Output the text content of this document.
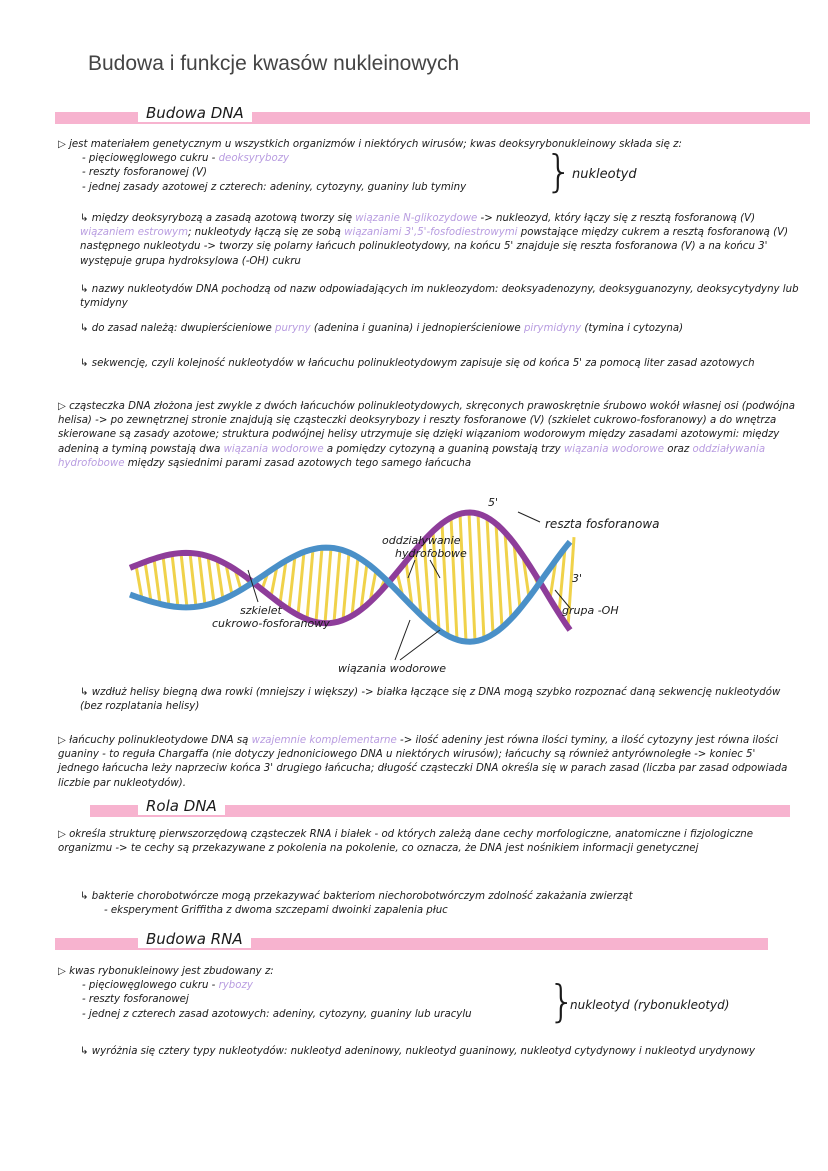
Budowa i funkcje kwasów nukleinowych
Budowa DNA
▷ jest materiałem genetycznym u wszystkich organizmów i niektórych wirusów; kwas deoksyrybonukleinowy składa się z:
- pięciowęglowego cukru - deoksyrybozy
- reszty fosforanowej (V)
- jednej zasady azotowej z czterech: adeniny, cytozyny, guaniny lub tyminy	} nukleotyd
↳ między deoksyrybozą a zasadą azotową tworzy się wiązanie N-glikozydowe -> nukleozyd, który łączy się z resztą fosforanową (V) wiązaniem estrowym; nukleotydy łączą się ze sobą wiązaniami 3',5'-fosfodiestrowymi powstające między cukrem a resztą fosforanową (V) następnego nukleotydu -> tworzy się polarny łańcuch polinukleotydowy, na końcu 5' znajduje się reszta fosforanowa (V) a na końcu 3' występuje grupa hydroksylowa (-OH) cukru
↳ nazwy nukleotydów DNA pochodzą od nazw odpowiadających im nukleozydom: deoksyadenozyny, deoksyguanozyny, deoksycytydyny lub tymidyny
↳ do zasad należą: dwupierścieniowe puryny (adenina i guanina) i jednopierścieniowe pirymidyny (tymina i cytozyna)
↳ sekwencję, czyli kolejność nukleotydów w łańcuchu polinukleotydowym zapisuje się od końca 5' za pomocą liter zasad azotowych
▷ cząsteczka DNA złożona jest zwykle z dwóch łańcuchów polinukleotydowych, skręconych prawoskrętnie śrubowo wokół własnej osi (podwójna helisa) -> po zewnętrznej stronie znajdują się cząsteczki deoksyrybozy i reszty fosforanowe (V) (szkielet cukrowo-fosforanowy) a do wnętrza skierowane są zasady azotowe; struktura podwójnej helisy utrzymuje się dzięki wiązaniom wodorowym między zasadami azotowymi: między adeniną a tyminą powstają dwa wiązania wodorowe a pomiędzy cytozyną a guaniną powstają trzy wiązania wodorowe oraz oddziaływania hydrofobowe między sąsiednimi parami zasad azotowych tego samego łańcucha
5'
reszta fosforanowa
3'
grupa -OH
oddziaływanie
hydrofobowe
szkielet
cukrowo-fosforanowy
wiązania wodorowe
↳ wzdłuż helisy biegną dwa rowki (mniejszy i większy) -> białka łączące się z DNA mogą szybko rozpoznać daną sekwencję nukleotydów (bez rozplatania helisy)
▷ łańcuchy polinukleotydowe DNA są wzajemnie komplementarne -> ilość adeniny jest równa ilości tyminy, a ilość cytozyny jest równa ilości guaniny - to reguła Chargaffa (nie dotyczy jednoniciowego DNA u niektórych wirusów); łańcuchy są również antyrównoległe -> koniec 5' jednego łańcucha leży naprzeciw końca 3' drugiego łańcucha; długość cząsteczki DNA określa się w parach zasad (liczba par zasad odpowiada liczbie par nukleotydów).
Rola DNA
▷ określa strukturę pierwszorzędową cząsteczek RNA i białek - od których zależą dane cechy morfologiczne, anatomiczne i fizjologiczne organizmu -> te cechy są przekazywane z pokolenia na pokolenie, co oznacza, że DNA jest nośnikiem informacji genetycznej
↳ bakterie chorobotwórcze mogą przekazywać bakteriom niechorobotwórczym zdolność zakażania zwierząt
- eksperyment Griffitha z dwoma szczepami dwoinki zapalenia płuc
Budowa RNA
▷ kwas rybonukleinowy jest zbudowany z:
- pięciowęglowego cukru - rybozy
- reszty fosforanowej
- jednej z czterech zasad azotowych: adeniny, cytozyny, guaniny lub uracylu	}
nukleotyd (rybonukleotyd)
↳ wyróżnia się cztery typy nukleotydów: nukleotyd adeninowy, nukleotyd guaninowy, nukleotyd cytydynowy i nukleotyd urydynowy
